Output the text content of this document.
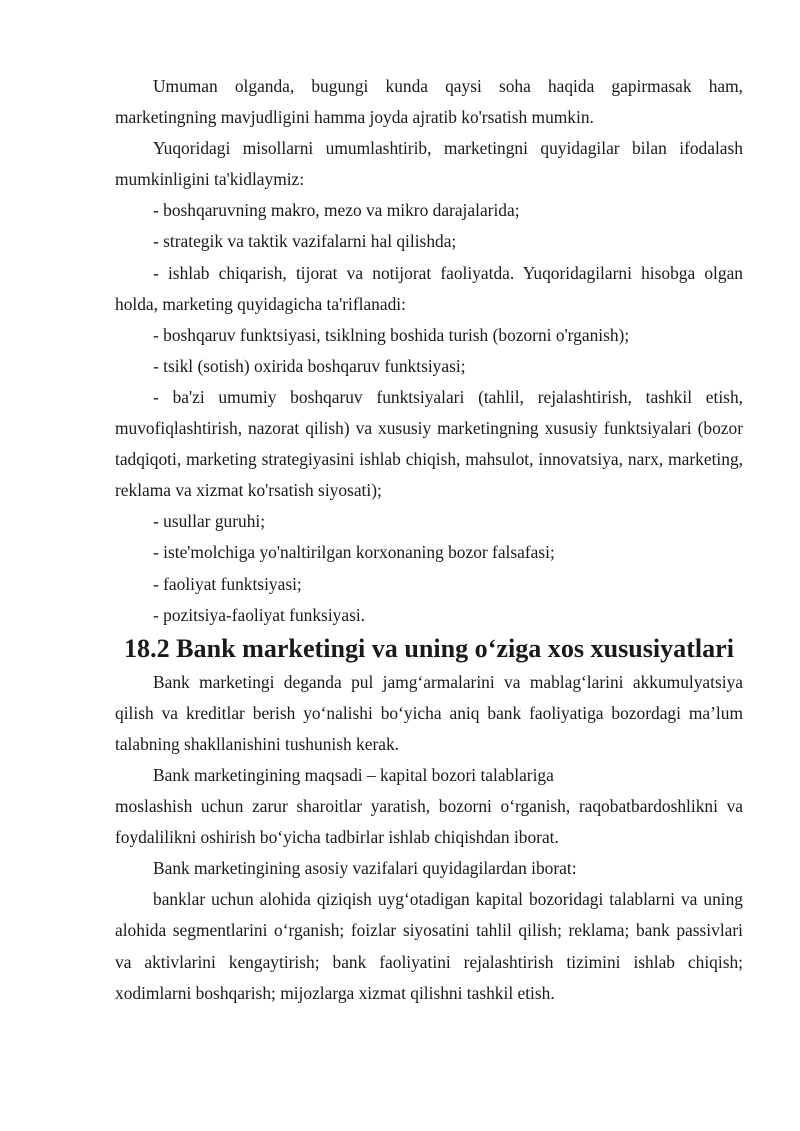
Umuman olganda, bugungi kunda qaysi soha haqida gapirmasak ham, marketingning mavjudligini hamma joyda ajratib ko'rsatish mumkin.

Yuqoridagi misollarni umumlashtirib, marketingni quyidagilar bilan ifodalash mumkinligini ta'kidlaymiz:

- boshqaruvning makro, mezo va mikro darajalarida;

- strategik va taktik vazifalarni hal qilishda;

- ishlab chiqarish, tijorat va notijorat faoliyatda. Yuqoridagilarni hisobga olgan holda, marketing quyidagicha ta'riflanadi:

- boshqaruv funktsiyasi, tsiklning boshida turish (bozorni o'rganish);

- tsikl (sotish) oxirida boshqaruv funktsiyasi;

- ba'zi umumiy boshqaruv funktsiyalari (tahlil, rejalashtirish, tashkil etish, muvofiqlashtirish, nazorat qilish) va xususiy marketingning xususiy funktsiyalari (bozor tadqiqoti, marketing strategiyasini ishlab chiqish, mahsulot, innovatsiya, narx, marketing, reklama va xizmat ko'rsatish siyosati);

- usullar guruhi;

- iste'molchiga yo'naltirilgan korxonaning bozor falsafasi;

- faoliyat funktsiyasi;

- pozitsiya-faoliyat funksiyasi.

18.2 Bank marketingi va uning o‘ziga xos xususiyatlari

Bank marketingi deganda pul jamg‘armalarini va mablag‘larini akkumulyatsiya qilish va kreditlar berish yo‘nalishi bo‘yicha aniq bank faoliyatiga bozordagi ma’lum talabning shakllanishini tushunish kerak.

Bank marketingining maqsadi – kapital bozori talablariga

moslashish uchun zarur sharoitlar yaratish, bozorni o‘rganish, raqobatbardoshlikni va foydalilikni oshirish bo‘yicha tadbirlar ishlab chiqishdan iborat.

Bank marketingining asosiy vazifalari quyidagilardan iborat:

banklar uchun alohida qiziqish uyg‘otadigan kapital bozoridagi talablarni va uning alohida segmentlarini o‘rganish; foizlar siyosatini tahlil qilish; reklama; bank passivlari va aktivlarini kengaytirish; bank faoliyatini rejalashtirish tizimini ishlab chiqish; xodimlarni boshqarish; mijozlarga xizmat qilishni tashkil etish.
